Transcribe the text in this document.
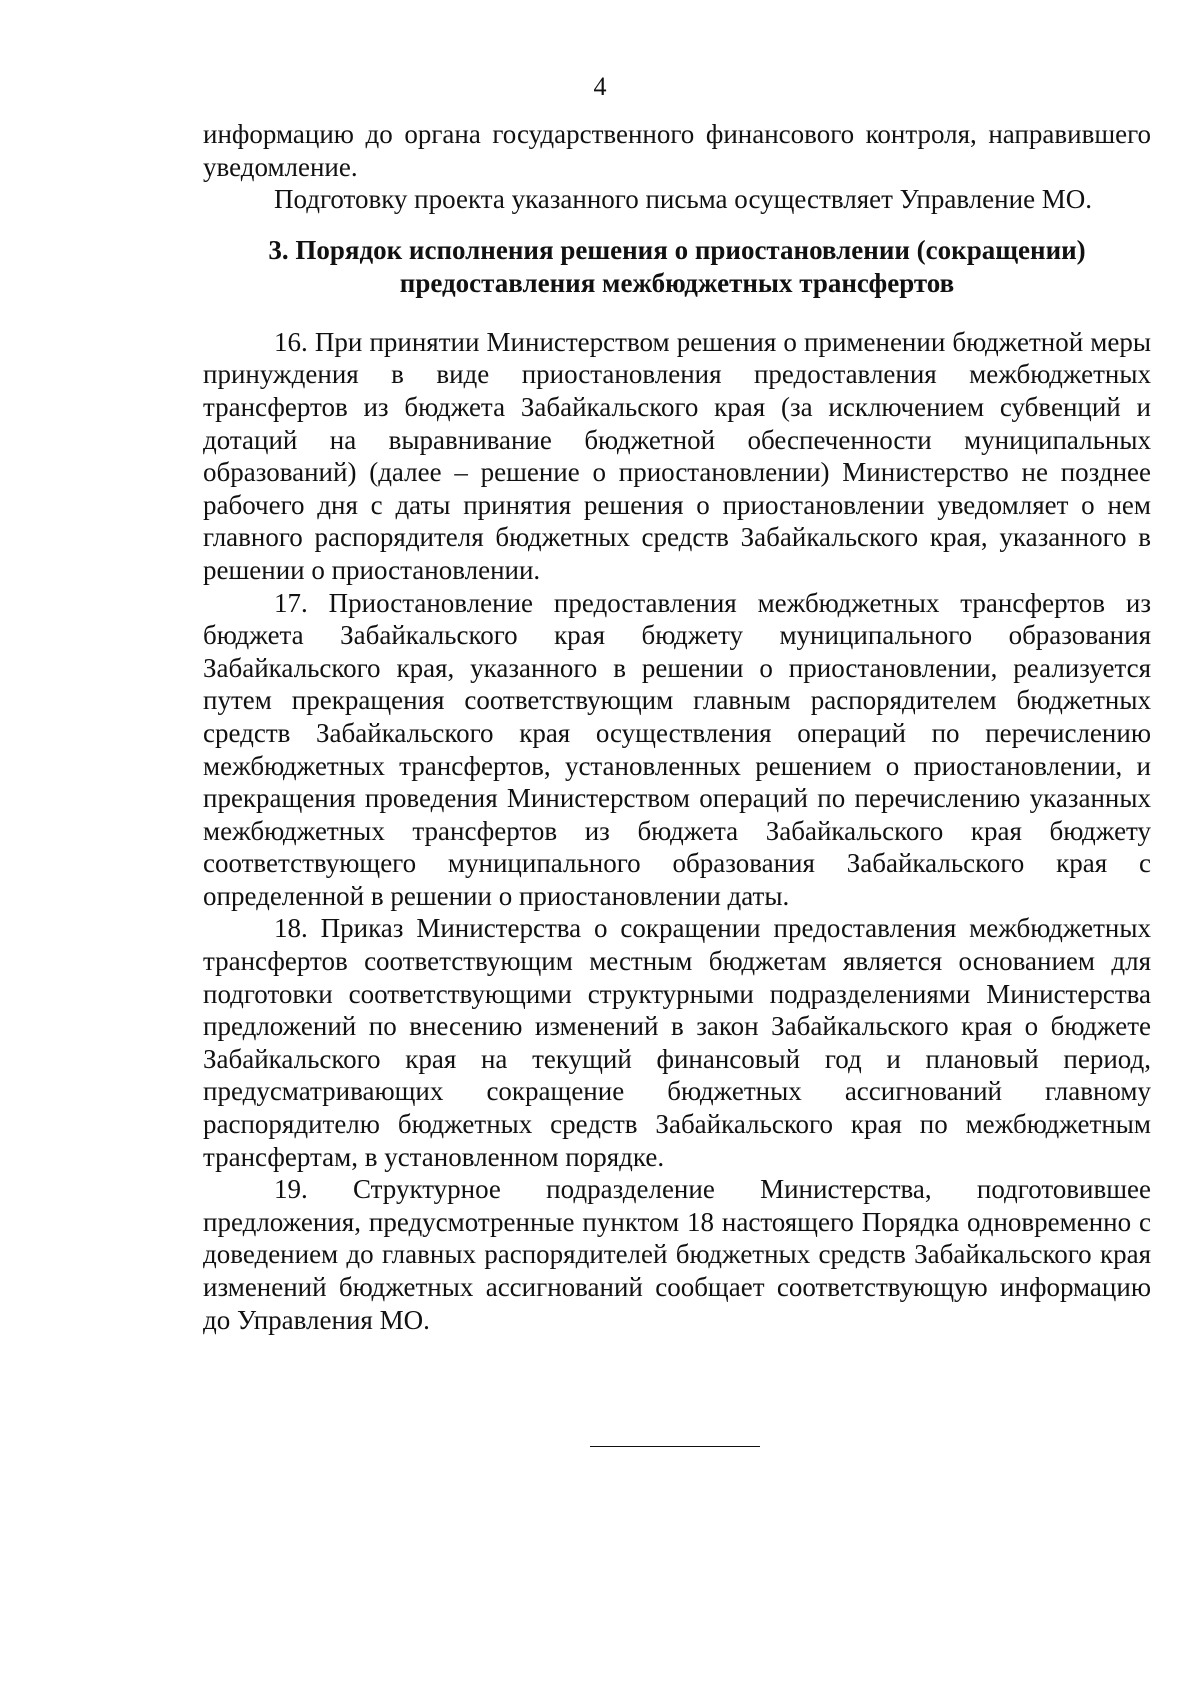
4

информацию до органа государственного финансового контроля, направившего уведомление.

Подготовку проекта указанного письма осуществляет Управление МО.

3. Порядок исполнения решения о приостановлении (сокращении)
предоставления межбюджетных трансфертов

16. При принятии Министерством решения о применении бюджетной меры принуждения в виде приостановления предоставления межбюджетных трансфертов из бюджета Забайкальского края (за исключением субвенций и дотаций на выравнивание бюджетной обеспеченности муниципальных образований) (далее – решение о приостановлении) Министерство не позднее рабочего дня с даты принятия решения о приостановлении уведомляет о нем главного распорядителя бюджетных средств Забайкальского края, указанного в решении о приостановлении.

17. Приостановление предоставления межбюджетных трансфертов из бюджета Забайкальского края бюджету муниципального образования Забайкальского края, указанного в решении о приостановлении, реализуется путем прекращения соответствующим главным распорядителем бюджетных средств Забайкальского края осуществления операций по перечислению межбюджетных трансфертов, установленных решением о приостановлении, и прекращения проведения Министерством операций по перечислению указанных межбюджетных трансфертов из бюджета Забайкальского края бюджету соответствующего муниципального образования Забайкальского края с определенной в решении о приостановлении даты.

18. Приказ Министерства о сокращении предоставления межбюджетных трансфертов соответствующим местным бюджетам является основанием для подготовки соответствующими структурными подразделениями Министерства предложений по внесению изменений в закон Забайкальского края о бюджете Забайкальского края на текущий финансовый год и плановый период, предусматривающих сокращение бюджетных ассигнований главному распорядителю бюджетных средств Забайкальского края по межбюджетным трансфертам, в установленном порядке.

19. Структурное подразделение Министерства, подготовившее предложения, предусмотренные пунктом 18 настоящего Порядка одновременно с доведением до главных распорядителей бюджетных средств Забайкальского края изменений бюджетных ассигнований сообщает соответствующую информацию до Управления МО.
